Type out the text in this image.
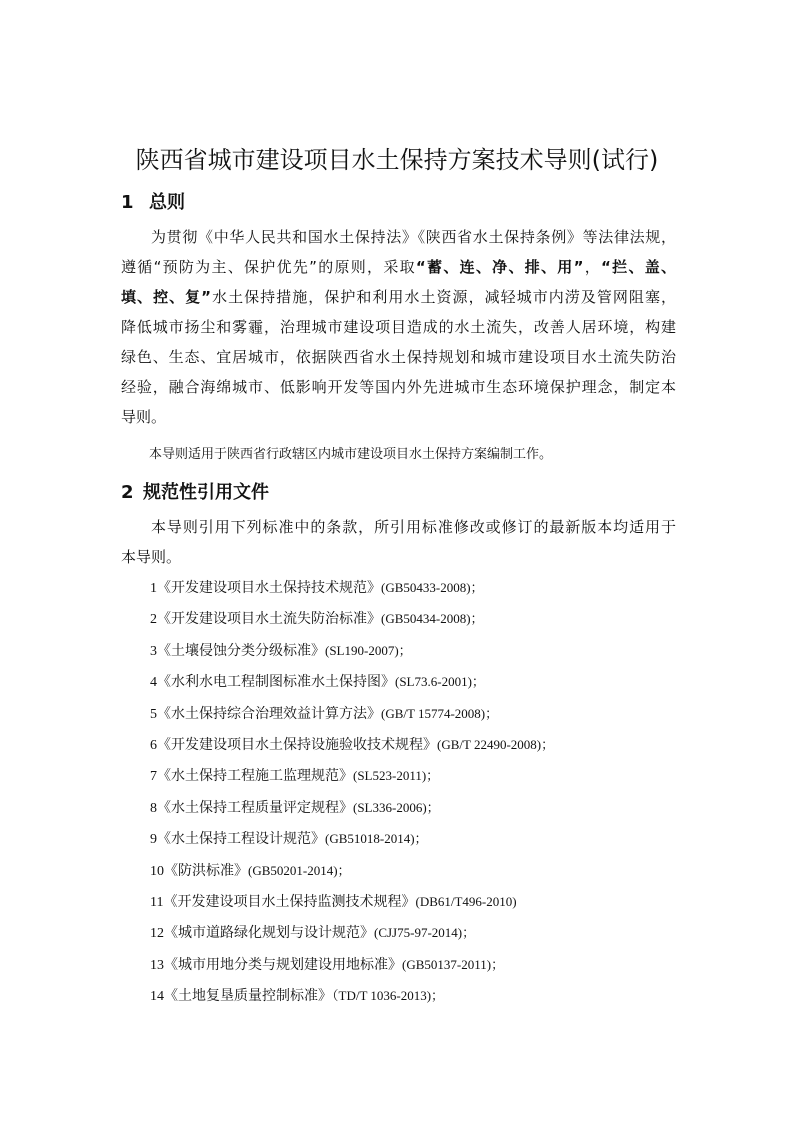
陕西省城市建设项目水土保持方案技术导则(试行)
1 总则
为贯彻《中华人民共和国水土保持法》《陕西省水土保持条例》等法律法规，
遵循“预防为主、保护优先”的原则，采取“蓄、连、净、排、用”，“拦、盖、
填、控、复”水土保持措施，保护和利用水土资源，减轻城市内涝及管网阻塞，
降低城市扬尘和雾霾，治理城市建设项目造成的水土流失，改善人居环境，构建
绿色、生态、宜居城市，依据陕西省水土保持规划和城市建设项目水土流失防治
经验，融合海绵城市、低影响开发等国内外先进城市生态环境保护理念，制定本
导则。
本导则适用于陕西省行政辖区内城市建设项目水土保持方案编制工作。
2 规范性引用文件
本导则引用下列标准中的条款，所引用标准修改或修订的最新版本均适用于
本导则。
1《开发建设项目水土保持技术规范》(GB50433-2008)；
2《开发建设项目水土流失防治标准》(GB50434-2008)；
3《土壤侵蚀分类分级标准》(SL190-2007)；
4《水利水电工程制图标准水土保持图》(SL73.6-2001)；
5《水土保持综合治理效益计算方法》(GB/T 15774-2008)；
6《开发建设项目水土保持设施验收技术规程》(GB/T 22490-2008)；
7《水土保持工程施工监理规范》(SL523-2011)；
8《水土保持工程质量评定规程》(SL336-2006)；
9《水土保持工程设计规范》(GB51018-2014)；
10《防洪标准》(GB50201-2014)；
11《开发建设项目水土保持监测技术规程》(DB61/T496-2010)
12《城市道路绿化规划与设计规范》(CJJ75-97-2014)；
13《城市用地分类与规划建设用地标准》(GB50137-2011)；
14《土地复垦质量控制标准》（TD/T 1036-2013)；
